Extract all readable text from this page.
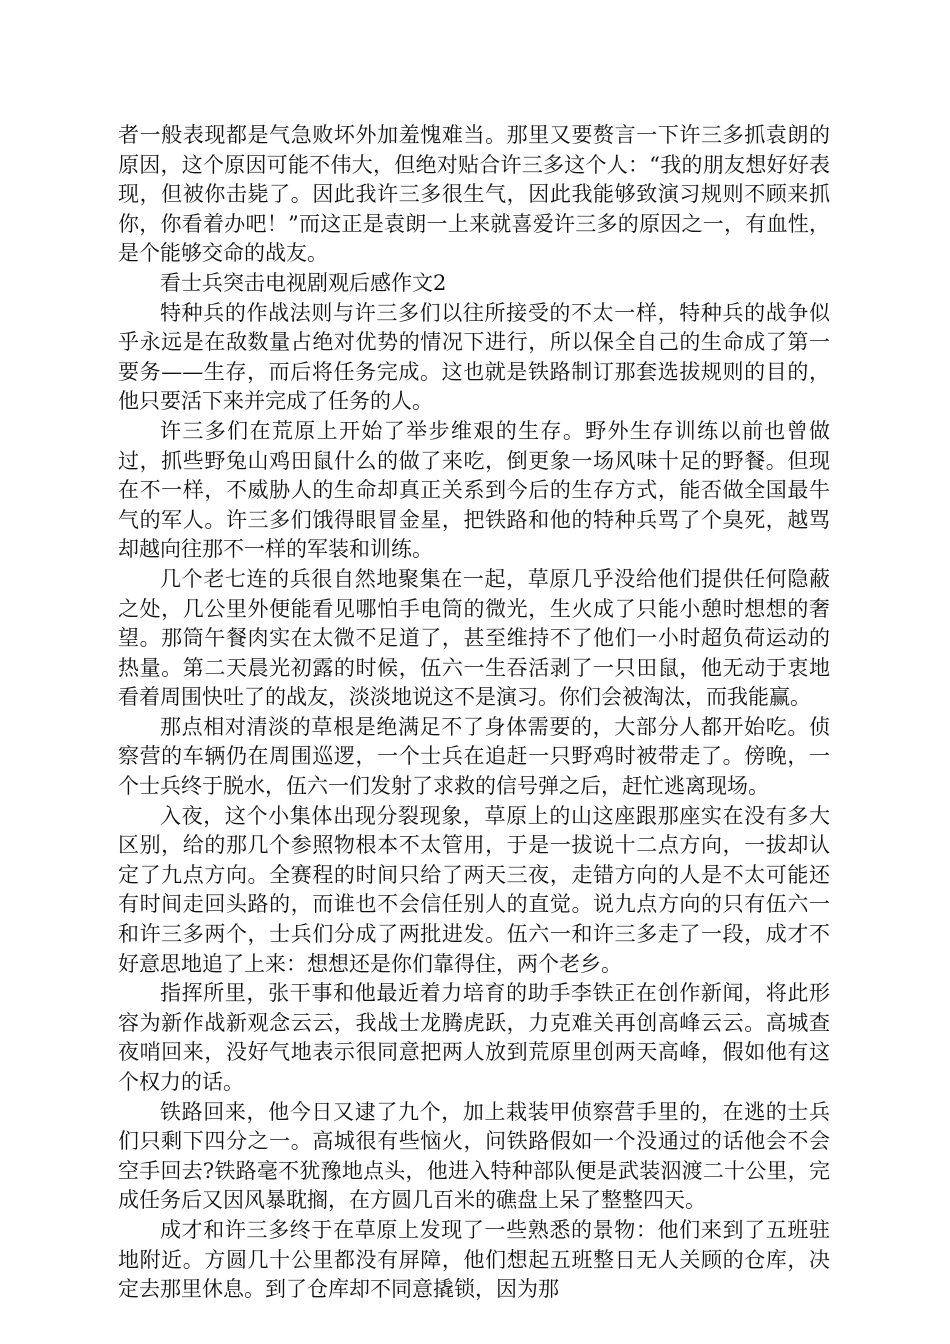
者一般表现都是气急败坏外加羞愧难当。那里又要赘言一下许三多抓袁朗的原因，这个原因可能不伟大，但绝对贴合许三多这个人：“我的朋友想好好表现，但被你击毙了。因此我许三多很生气，因此我能够致演习规则不顾来抓你，你看着办吧！”而这正是袁朗一上来就喜爱许三多的原因之一，有血性，是个能够交命的战友。

看士兵突击电视剧观后感作文2

特种兵的作战法则与许三多们以往所接受的不太一样，特种兵的战争似乎永远是在敌数量占绝对优势的情况下进行，所以保全自己的生命成了第一要务——生存，而后将任务完成。这也就是铁路制订那套选拔规则的目的，他只要活下来并完成了任务的人。

许三多们在荒原上开始了举步维艰的生存。野外生存训练以前也曾做过，抓些野兔山鸡田鼠什么的做了来吃，倒更象一场风味十足的野餐。但现在不一样，不威胁人的生命却真正关系到今后的生存方式，能否做全国最牛气的军人。许三多们饿得眼冒金星，把铁路和他的特种兵骂了个臭死，越骂却越向往那不一样的军装和训练。

几个老七连的兵很自然地聚集在一起，草原几乎没给他们提供任何隐蔽之处，几公里外便能看见哪怕手电筒的微光，生火成了只能小憩时想想的奢望。那筒午餐肉实在太微不足道了，甚至维持不了他们一小时超负荷运动的热量。第二天晨光初露的时候，伍六一生吞活剥了一只田鼠，他无动于衷地看着周围快吐了的战友，淡淡地说这不是演习。你们会被淘汰，而我能赢。

那点相对清淡的草根是绝满足不了身体需要的，大部分人都开始吃。侦察营的车辆仍在周围巡逻，一个士兵在追赶一只野鸡时被带走了。傍晚，一个士兵终于脱水，伍六一们发射了求救的信号弹之后，赶忙逃离现场。

入夜，这个小集体出现分裂现象，草原上的山这座跟那座实在没有多大区别，给的那几个参照物根本不太管用，于是一拔说十二点方向，一拔却认定了九点方向。全赛程的时间只给了两天三夜，走错方向的人是不太可能还有时间走回头路的，而谁也不会信任别人的直觉。说九点方向的只有伍六一和许三多两个，士兵们分成了两批进发。伍六一和许三多走了一段，成才不好意思地追了上来：想想还是你们靠得住，两个老乡。

指挥所里，张干事和他最近着力培育的助手李铁正在创作新闻，将此形容为新作战新观念云云，我战士龙腾虎跃，力克难关再创高峰云云。高城查夜哨回来，没好气地表示很同意把两人放到荒原里创两天高峰，假如他有这个权力的话。

铁路回来，他今日又逮了九个，加上栽装甲侦察营手里的，在逃的士兵们只剩下四分之一。高城很有些恼火，问铁路假如一个没通过的话他会不会空手回去?铁路毫不犹豫地点头，他进入特种部队便是武装泅渡二十公里，完成任务后又因风暴耽搁，在方圆几百米的礁盘上呆了整整四天。

成才和许三多终于在草原上发现了一些熟悉的景物：他们来到了五班驻地附近。方圆几十公里都没有屏障，他们想起五班整日无人关顾的仓库，决定去那里休息。到了仓库却不同意撬锁，因为那
